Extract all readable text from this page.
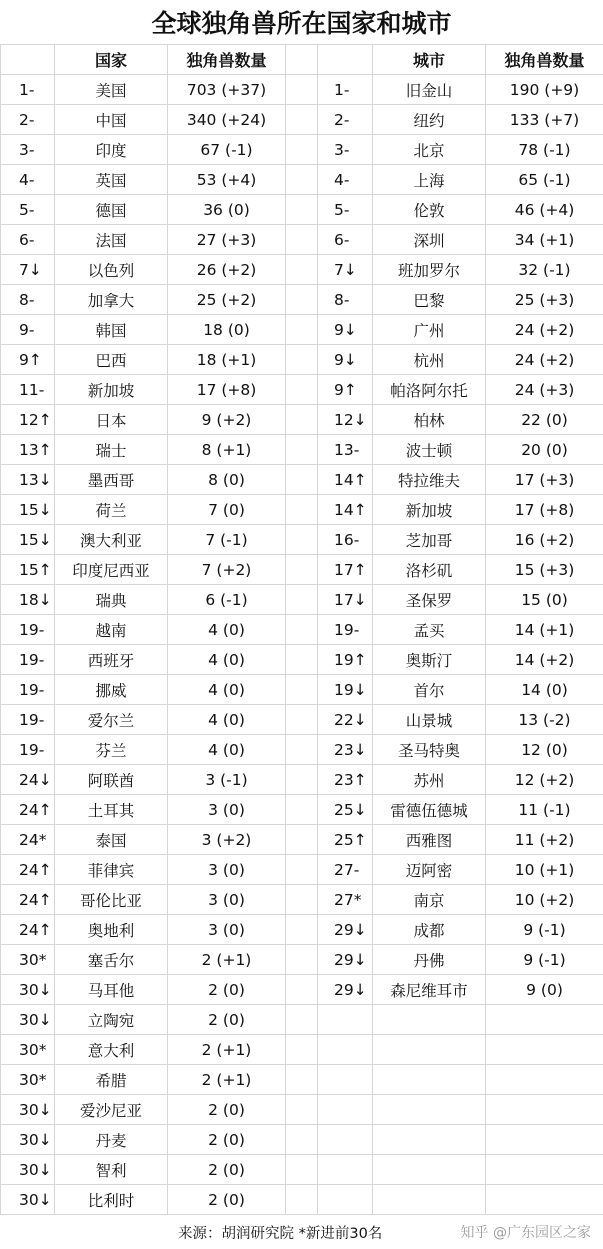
全球独角兽所在国家和城市
	国家	独角兽数量			城市	独角兽数量
1-	美国	703 (+37)		1-	旧金山	190 (+9)
2-	中国	340 (+24)		2-	纽约	133 (+7)
3-	印度	67 (-1)		3-	北京	78 (-1)
4-	英国	53 (+4)		4-	上海	65 (-1)
5-	德国	36 (0)		5-	伦敦	46 (+4)
6-	法国	27 (+3)		6-	深圳	34 (+1)
7↓	以色列	26 (+2)		7↓	班加罗尔	32 (-1)
8-	加拿大	25 (+2)		8-	巴黎	25 (+3)
9-	韩国	18 (0)		9↓	广州	24 (+2)
9↑	巴西	18 (+1)		9↓	杭州	24 (+2)
11-	新加坡	17 (+8)		9↑	帕洛阿尔托	24 (+3)
12↑	日本	9 (+2)		12↓	柏林	22 (0)
13↑	瑞士	8 (+1)		13-	波士顿	20 (0)
13↓	墨西哥	8 (0)		14↑	特拉维夫	17 (+3)
15↓	荷兰	7 (0)		14↑	新加坡	17 (+8)
15↓	澳大利亚	7 (-1)		16-	芝加哥	16 (+2)
15↑	印度尼西亚	7 (+2)		17↑	洛杉矶	15 (+3)
18↓	瑞典	6 (-1)		17↓	圣保罗	15 (0)
19-	越南	4 (0)		19-	孟买	14 (+1)
19-	西班牙	4 (0)		19↑	奥斯汀	14 (+2)
19-	挪威	4 (0)		19↓	首尔	14 (0)
19-	爱尔兰	4 (0)		22↓	山景城	13 (-2)
19-	芬兰	4 (0)		23↓	圣马特奥	12 (0)
24↓	阿联酋	3 (-1)		23↑	苏州	12 (+2)
24↑	土耳其	3 (0)		25↓	雷德伍德城	11 (-1)
24*	泰国	3 (+2)		25↑	西雅图	11 (+2)
24↑	菲律宾	3 (0)		27-	迈阿密	10 (+1)
24↑	哥伦比亚	3 (0)		27*	南京	10 (+2)
24↑	奥地利	3 (0)		29↓	成都	9 (-1)
30*	塞舌尔	2 (+1)		29↓	丹佛	9 (-1)
30↓	马耳他	2 (0)		29↓	森尼维耳市	9 (0)
30↓	立陶宛	2 (0)				
30*	意大利	2 (+1)				
30*	希腊	2 (+1)				
30↓	爱沙尼亚	2 (0)				
30↓	丹麦	2 (0)				
30↓	智利	2 (0)				
30↓	比利时	2 (0)				
来源：胡润研究院 *新进前30名	知乎 @广东园区之家
